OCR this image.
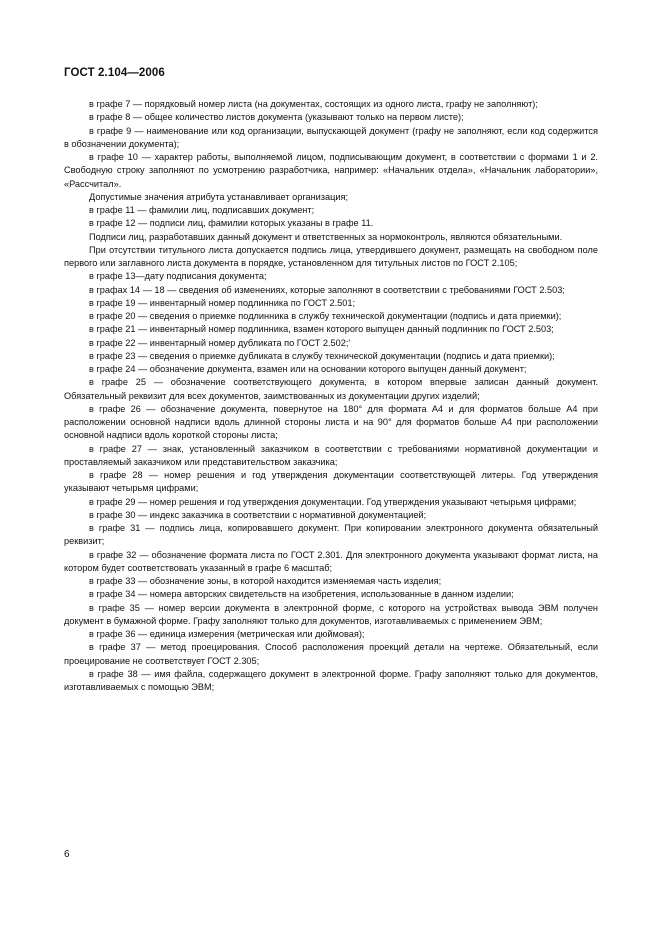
ГОСТ 2.104—2006

в графе 7 — порядковый номер листа (на документах, состоящих из одного листа, графу не заполняют);

в графе 8 — общее количество листов документа (указывают только на первом листе);

в графе 9 — наименование или код организации, выпускающей документ (графу не заполняют, если код содержится в обозначении документа);

в графе 10 — характер работы, выполняемой лицом, подписывающим документ, в соответствии с формами 1 и 2. Свободную строку заполняют по усмотрению разработчика, например: «Начальник отдела», «Начальник лаборатории», «Рассчитал».

Допустимые значения атрибута устанавливает организация;

в графе 11 — фамилии лиц, подписавших документ;

в графе 12 — подписи лиц, фамилии которых указаны в графе 11.

Подписи лиц, разработавших данный документ и ответственных за нормоконтроль, являются обязательными.

При отсутствии титульного листа допускается подпись лица, утвердившего документ, размещать на свободном поле первого или заглавного листа документа в порядке, установленном для титульных листов по ГОСТ 2.105;

в графе 13—дату подписания документа;

в графах 14 — 18 — сведения об изменениях, которые заполняют в соответствии с требованиями ГОСТ 2.503;

в графе 19 — инвентарный номер подлинника по ГОСТ 2.501;

в графе 20 — сведения о приемке подлинника в службу технической документации (подпись и дата приемки);

в графе 21 — инвентарный номер подлинника, взамен которого выпущен данный подлинник по ГОСТ 2.503;

в графе 22 — инвентарный номер дубликата по ГОСТ 2.502;'

в графе 23 — сведения о приемке дубликата в службу технической документации (подпись и дата приемки);

в графе 24 — обозначение документа, взамен или на основании которого выпущен данный документ;

в графе 25 — обозначение соответствующего документа, в котором впервые записан данный документ. Обязательный реквизит для всех документов, заимствованных из документации других изделий;

в графе 26 — обозначение документа, повернутое на 180° для формата А4 и для форматов больше А4 при расположении основной надписи вдоль длинной стороны листа и на 90° для форматов больше А4 при расположении основной надписи вдоль короткой стороны листа;

в графе 27 — знак, установленный заказчиком в соответствии с требованиями нормативной документации и проставляемый заказчиком или представительством заказчика;

в графе 28 — номер решения и год утверждения документации соответствующей литеры. Год утверждения указывают четырьмя цифрами;

в графе 29 — номер решения и год утверждения документации. Год утверждения указывают четырьмя цифрами;

в графе 30 — индекс заказчика в соответствии с нормативной документацией;

в графе 31 — подпись лица, копировавшего документ. При копировании электронного документа обязательный реквизит;

в графе 32 — обозначение формата листа по ГОСТ 2.301. Для электронного документа указывают формат листа, на котором будет соответствовать указанный в графе 6 масштаб;

в графе 33 — обозначение зоны, в которой находится изменяемая часть изделия;

в графе 34 — номера авторских свидетельств на изобретения, использованные в данном изделии;

в графе 35 — номер версии документа в электронной форме, с которого на устройствах вывода ЭВМ получен документ в бумажной форме. Графу заполняют только для документов, изготавливаемых с применением ЭВМ;

в графе 36 — единица измерения (метрическая или дюймовая);

в графе 37 — метод проецирования. Способ расположения проекций детали на чертеже. Обязательный, если проецирование не соответствует ГОСТ 2.305;

в графе 38 — имя файла, содержащего документ в электронной форме. Графу заполняют только для документов, изготавливаемых с помощью ЭВМ;

6
